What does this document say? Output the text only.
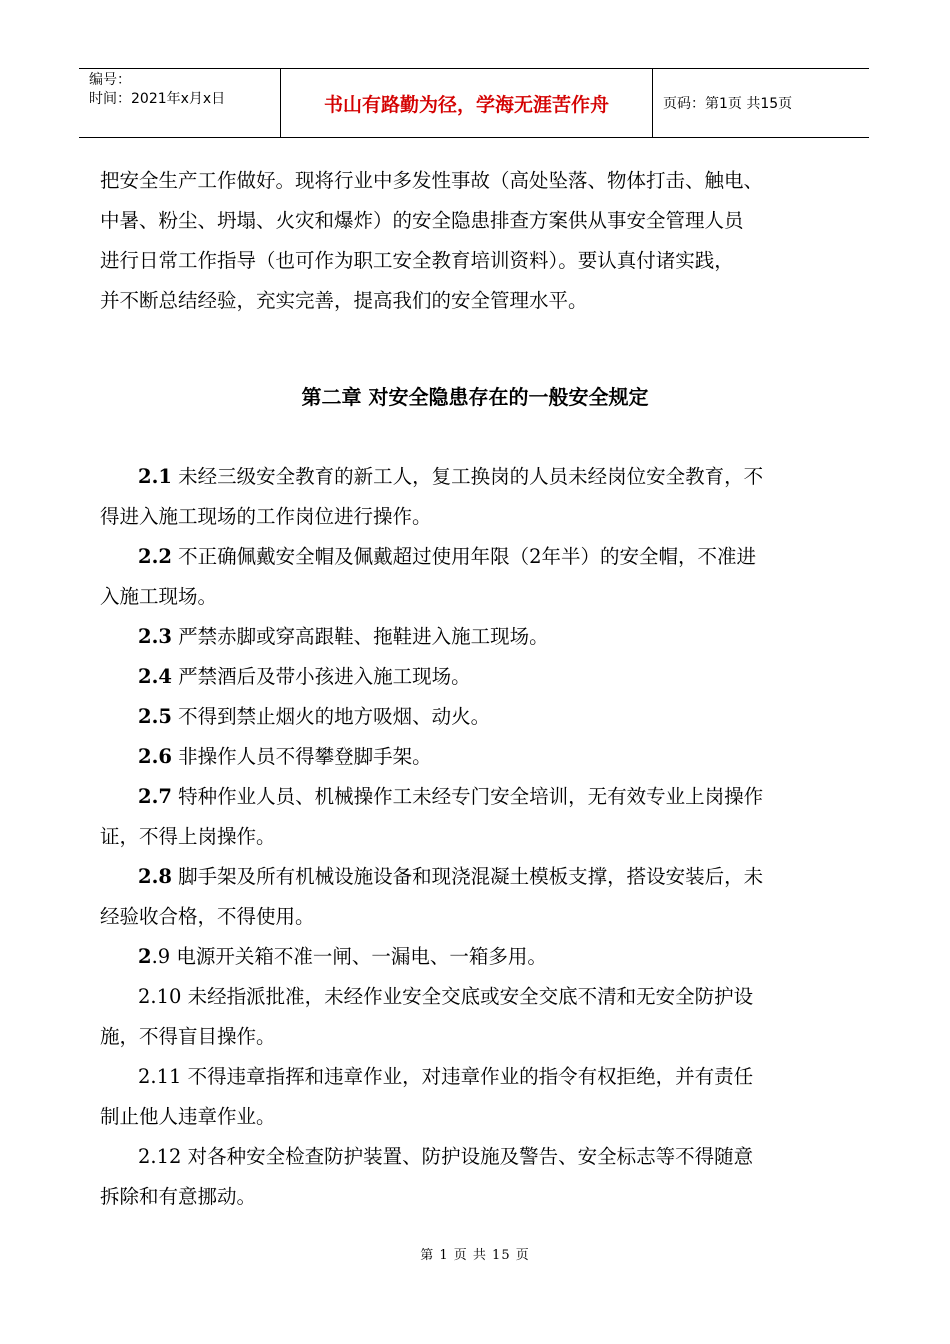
编号：
时间：2021年x月x日	书山有路勤为径，学海无涯苦作舟	页码：第1页 共15页
把安全生产工作做好。现将行业中多发性事故（高处坠落、物体打击、触电、
中暑、粉尘、坍塌、火灾和爆炸）的安全隐患排查方案供从事安全管理人员
进行日常工作指导（也可作为职工安全教育培训资料）。要认真付诸实践，
并不断总结经验，充实完善，提高我们的安全管理水平。
第二章 对安全隐患存在的一般安全规定
2.1 未经三级安全教育的新工人，复工换岗的人员未经岗位安全教育，不
得进入施工现场的工作岗位进行操作。
2.2 不正确佩戴安全帽及佩戴超过使用年限（2年半）的安全帽，不准进
入施工现场。
2.3 严禁赤脚或穿高跟鞋、拖鞋进入施工现场。
2.4 严禁酒后及带小孩进入施工现场。
2.5 不得到禁止烟火的地方吸烟、动火。
2.6 非操作人员不得攀登脚手架。
2.7 特种作业人员、机械操作工未经专门安全培训，无有效专业上岗操作
证，不得上岗操作。
2.8 脚手架及所有机械设施设备和现浇混凝土模板支撑，搭设安装后，未
经验收合格，不得使用。
2.9 电源开关箱不准一闸、一漏电、一箱多用。
2.10 未经指派批准，未经作业安全交底或安全交底不清和无安全防护设
施，不得盲目操作。
2.11 不得违章指挥和违章作业，对违章作业的指令有权拒绝，并有责任
制止他人违章作业。
2.12 对各种安全检查防护装置、防护设施及警告、安全标志等不得随意
拆除和有意挪动。
第 1 页 共 15 页
